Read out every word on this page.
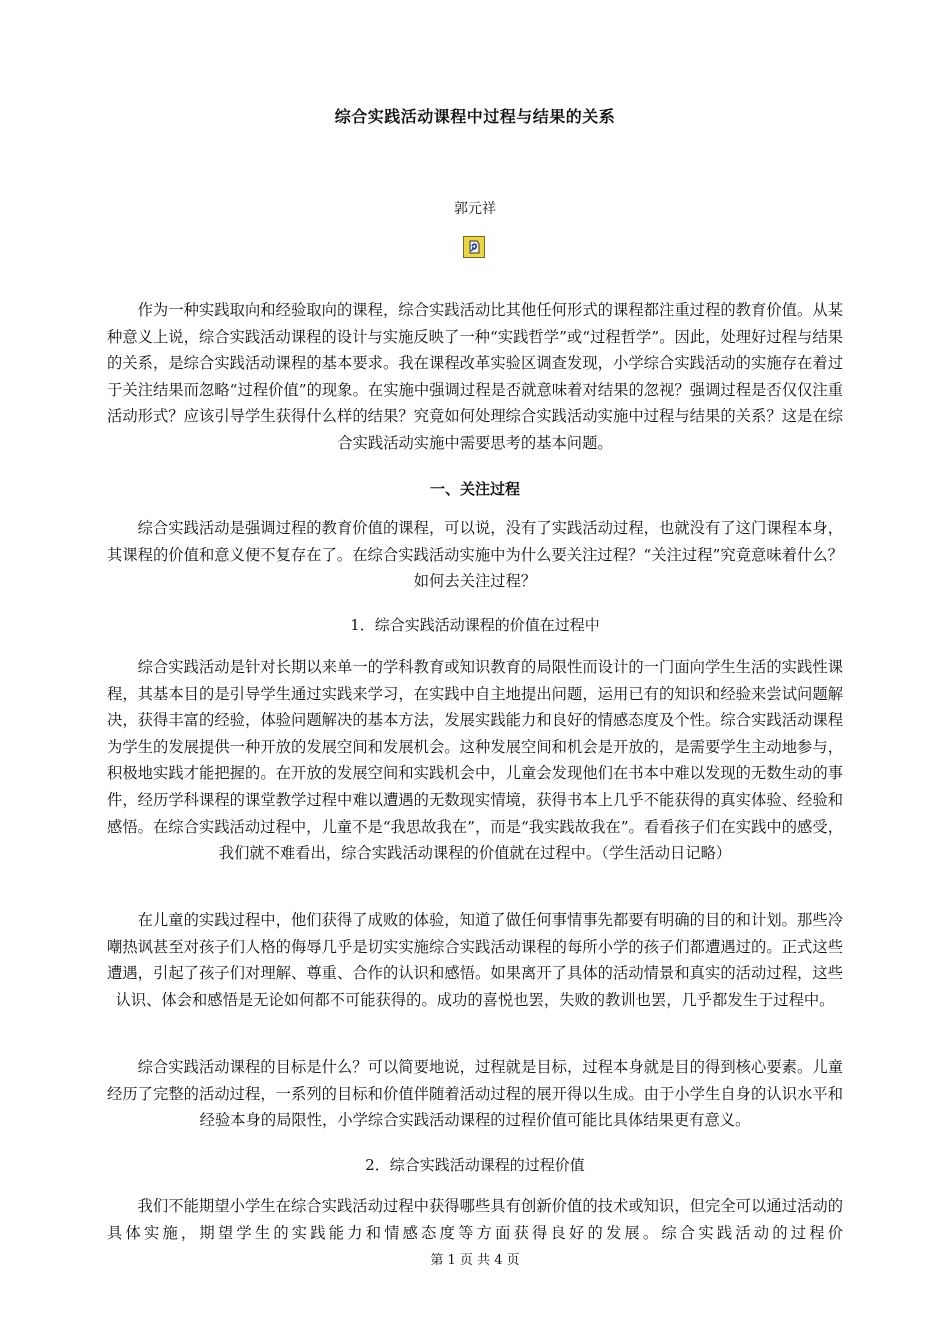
综合实践活动课程中过程与结果的关系
郭元祥

作为一种实践取向和经验取向的课程，综合实践活动比其他任何形式的课程都注重过程的教育价值。从某种意义上说，综合实践活动课程的设计与实施反映了一种“实践哲学”或“过程哲学”。因此，处理好过程与结果的关系，是综合实践活动课程的基本要求。我在课程改革实验区调查发现，小学综合实践活动的实施存在着过于关注结果而忽略“过程价值”的现象。在实施中强调过程是否就意味着对结果的忽视？强调过程是否仅仅注重活动形式？应该引导学生获得什么样的结果？究竟如何处理综合实践活动实施中过程与结果的关系？这是在综合实践活动实施中需要思考的基本问题。

一、关注过程

综合实践活动是强调过程的教育价值的课程，可以说，没有了实践活动过程，也就没有了这门课程本身，其课程的价值和意义便不复存在了。在综合实践活动实施中为什么要关注过程？“关注过程”究竟意味着什么？如何去关注过程？

1．综合实践活动课程的价值在过程中

综合实践活动是针对长期以来单一的学科教育或知识教育的局限性而设计的一门面向学生生活的实践性课程，其基本目的是引导学生通过实践来学习，在实践中自主地提出问题，运用已有的知识和经验来尝试问题解决，获得丰富的经验，体验问题解决的基本方法，发展实践能力和良好的情感态度及个性。综合实践活动课程为学生的发展提供一种开放的发展空间和发展机会。这种发展空间和机会是开放的，是需要学生主动地参与，积极地实践才能把握的。在开放的发展空间和实践机会中，儿童会发现他们在书本中难以发现的无数生动的事件，经历学科课程的课堂教学过程中难以遭遇的无数现实情境，获得书本上几乎不能获得的真实体验、经验和感悟。在综合实践活动过程中，儿童不是“我思故我在”，而是“我实践故我在”。看看孩子们在实践中的感受，我们就不难看出，综合实践活动课程的价值就在过程中。（学生活动日记略）

在儿童的实践过程中，他们获得了成败的体验，知道了做任何事情事先都要有明确的目的和计划。那些冷嘲热讽甚至对孩子们人格的侮辱几乎是切实实施综合实践活动课程的每所小学的孩子们都遭遇过的。正式这些遭遇，引起了孩子们对理解、尊重、合作的认识和感悟。如果离开了具体的活动情景和真实的活动过程，这些认识、体会和感悟是无论如何都不可能获得的。成功的喜悦也罢，失败的教训也罢，几乎都发生于过程中。

综合实践活动课程的目标是什么？可以简要地说，过程就是目标，过程本身就是目的得到核心要素。儿童经历了完整的活动过程，一系列的目标和价值伴随着活动过程的展开得以生成。由于小学生自身的认识水平和经验本身的局限性，小学综合实践活动课程的过程价值可能比具体结果更有意义。

2．综合实践活动课程的过程价值

我们不能期望小学生在综合实践活动过程中获得哪些具有创新价值的技术或知识，但完全可以通过活动的具体实施，期望学生的实践能力和情感态度等方面获得良好的发展。综合实践活动的过程价

第 1 页 共 4 页
